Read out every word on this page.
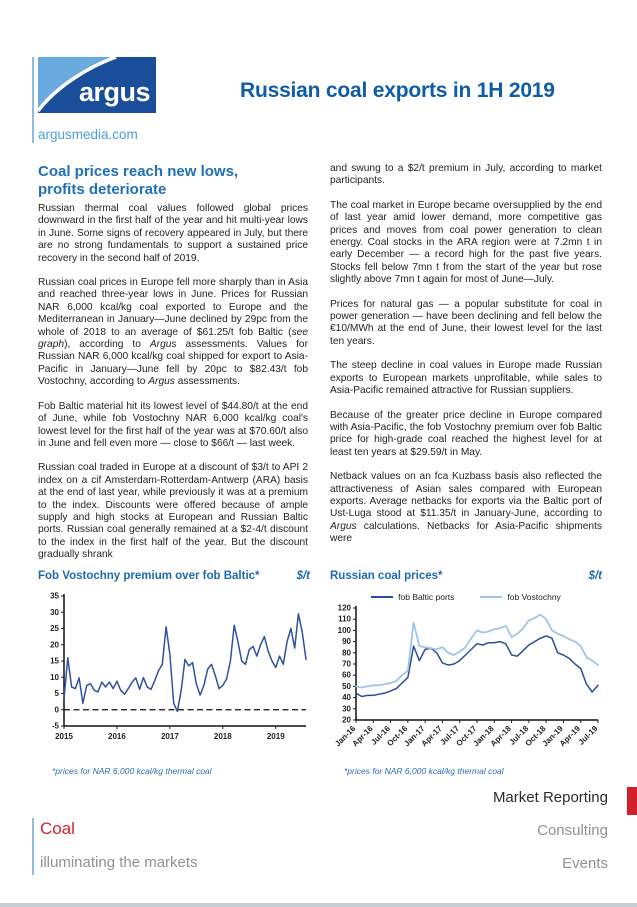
argus
argusmedia.com
Russian coal exports in 1H 2019
Coal prices reach new lows,
profits deteriorate

Russian thermal coal values followed global prices downward in the first half of the year and hit multi-year lows in June. Some signs of recovery appeared in July, but there are no strong fundamentals to support a sustained price recovery in the second half of 2019.

Russian coal prices in Europe fell more sharply than in Asia and reached three-year lows in June. Prices for Russian NAR 6,000 kcal/kg coal exported to Europe and the Mediterranean in January—June declined by 29pc from the whole of 2018 to an average of $61.25/t fob Baltic (see graph), according to Argus assessments. Values for Russian NAR 6,000 kcal/kg coal shipped for export to Asia-Pacific in January—June fell by 20pc to $82.43/t fob Vostochny, according to Argus assessments.

Fob Baltic material hit its lowest level of $44.80/t at the end of June, while fob Vostochny NAR 6,000 kcal/kg coal's lowest level for the first half of the year was at $70.60/t also in June and fell even more — close to $66/t — last week.

Russian coal traded in Europe at a discount of $3/t to API 2 index on a cif Amsterdam-Rotterdam-Antwerp (ARA) basis at the end of last year, while previously it was at a premium to the index. Discounts were offered because of ample supply and high stocks at European and Russian Baltic ports. Russian coal generally remained at a $2-4/t discount to the index in the first half of the year. But the discount gradually shrank

and swung to a $2/t premium in July, according to market participants.

The coal market in Europe became oversupplied by the end of last year amid lower demand, more competitive gas prices and moves from coal power generation to clean energy. Coal stocks in the ARA region were at 7.2mn t in early December — a record high for the past five years. Stocks fell below 7mn t from the start of the year but rose slightly above 7mn t again for most of June—July.

Prices for natural gas — a popular substitute for coal in power generation — have been declining and fell below the €10/MWh at the end of June, their lowest level for the last ten years.

The steep decline in coal values in Europe made Russian exports to European markets unprofitable, while sales to Asia-Pacific remained attractive for Russian suppliers.

Because of the greater price decline in Europe compared with Asia-Pacific, the fob Vostochny premium over fob Baltic price for high-grade coal reached the highest level for at least ten years at $29.59/t in May.

Netback values on an fca Kuzbass basis also reflected the attractiveness of Asian sales compared with European exports. Average netbacks for exports via the Baltic port of Ust-Luga stood at $11.35/t in January-June, according to Argus calculations. Netbacks for Asia-Pacific shipments were

Fob Vostochny premium over fob Baltic*	$/t
35
30
25
20
15
10
5
0
-5
2015	2016	2017	2018	2019
*prices for NAR 6,000 kcal/kg thermal coal
Russian coal prices*	$/t
fob Baltic ports	fob Vostochny
120
110
100
90
80
70
60
50
40
30
20
Jan-16
Apr-16
Jul-16
Oct-16
Jan-17
Apr-17
Jul-17
Oct-17
Jan-18
Apr-18
Jul-18
Oct-18
Jan-19
Apr-19
Jul-19
*prices for NAR 6,000 kcal/kg thermal coal
Market Reporting
Consulting
Events
Coal
illuminating the markets
